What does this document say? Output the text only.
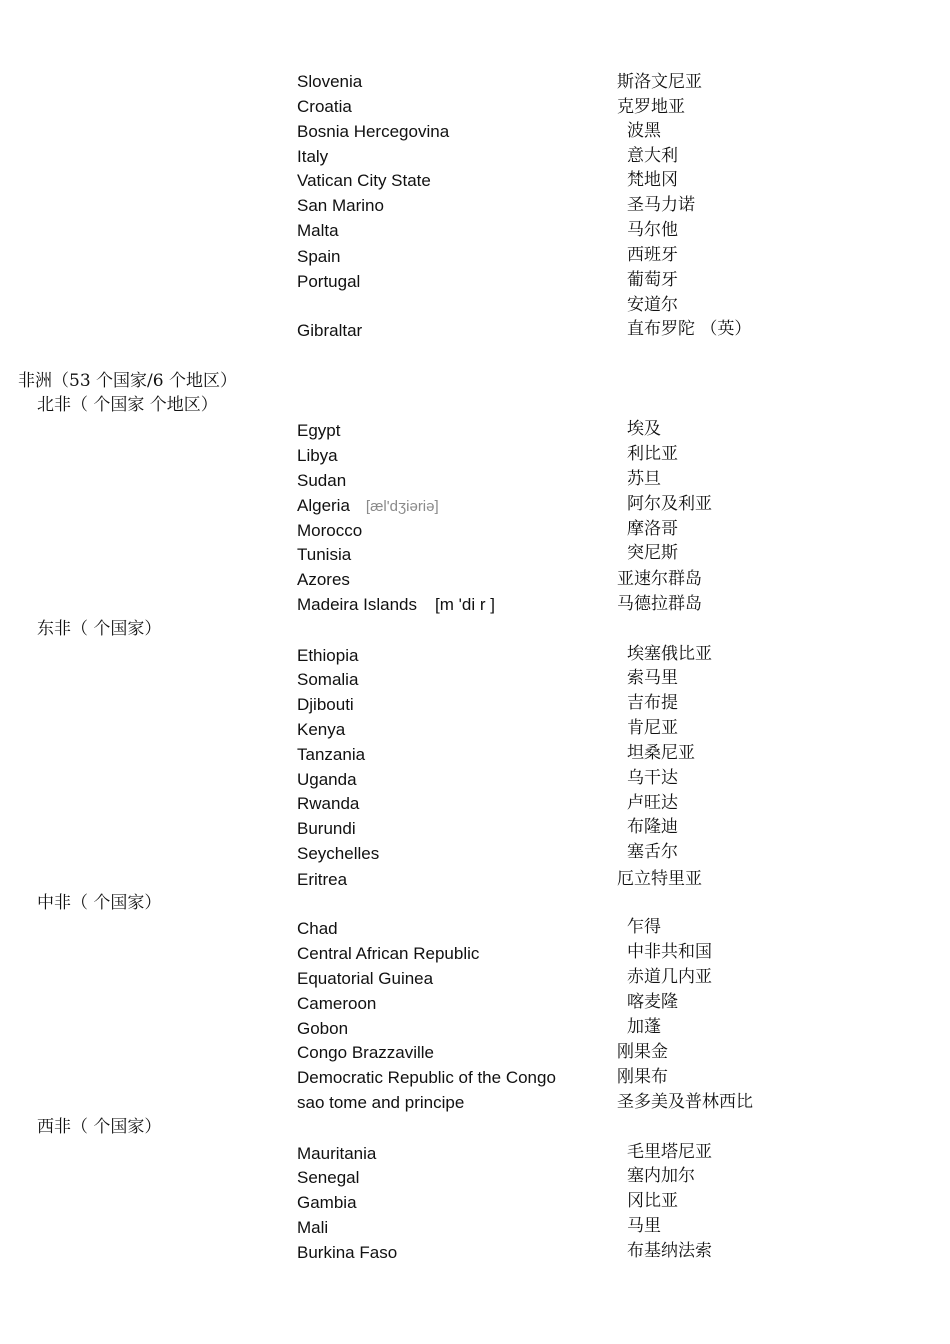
Slovenia	斯洛文尼亚
Croatia	克罗地亚
Bosnia Hercegovina	波黑
Italy	意大利
Vatican City State	梵地冈
San Marino	圣马力诺
Malta	马尔他
Spain	西班牙
Portugal	葡萄牙
安道尔
Gibraltar	直布罗陀 （英）
非洲（53 个国家/6 个地区）
北非（ 个国家 个地区）
Egypt	埃及
Libya	利比亚
Sudan	苏旦
Algeria [æl'dʒiəriə]	阿尔及利亚
Morocco	摩洛哥
Tunisia	突尼斯
Azores	亚速尔群岛
Madeira Islands [m 'di r ]	马德拉群岛
东非（ 个国家）
Ethiopia	埃塞俄比亚
Somalia	索马里
Djibouti	吉布提
Kenya	肯尼亚
Tanzania	坦桑尼亚
Uganda	乌干达
Rwanda	卢旺达
Burundi	布隆迪
Seychelles	塞舌尔
Eritrea	厄立特里亚
中非（ 个国家）
Chad	乍得
Central African Republic	中非共和国
Equatorial Guinea	赤道几内亚
Cameroon	喀麦隆
Gobon	加蓬
Congo Brazzaville	刚果金
Democratic Republic of the Congo	刚果布
sao tome and principe	圣多美及普林西比
西非（ 个国家）
Mauritania	毛里塔尼亚
Senegal	塞内加尔
Gambia	冈比亚
Mali	马里
Burkina Faso	布基纳法索
